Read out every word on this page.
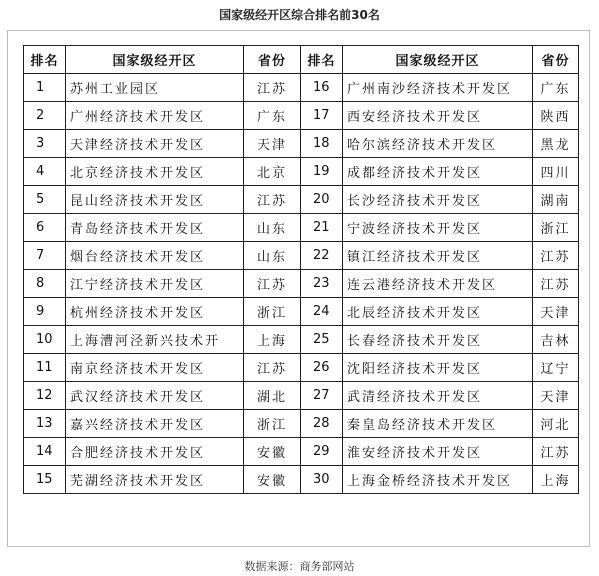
国家级经开区综合排名前30名
排名	国家级经开区	省份	排名	国家级经开区	省份
1	苏州工业园区	江苏	16	广州南沙经济技术开发区	广东
2	广州经济技术开发区	广东	17	西安经济技术开发区	陕西
3	天津经济技术开发区	天津	18	哈尔滨经济技术开发区	黑龙
4	北京经济技术开发区	北京	19	成都经济技术开发区	四川
5	昆山经济技术开发区	江苏	20	长沙经济技术开发区	湖南
6	青岛经济技术开发区	山东	21	宁波经济技术开发区	浙江
7	烟台经济技术开发区	山东	22	镇江经济技术开发区	江苏
8	江宁经济技术开发区	江苏	23	连云港经济技术开发区	江苏
9	杭州经济技术开发区	浙江	24	北辰经济技术开发区	天津
10	上海漕河泾新兴技术开	上海	25	长春经济技术开发区	吉林
11	南京经济技术开发区	江苏	26	沈阳经济技术开发区	辽宁
12	武汉经济技术开发区	湖北	27	武清经济技术开发区	天津
13	嘉兴经济技术开发区	浙江	28	秦皇岛经济技术开发区	河北
14	合肥经济技术开发区	安徽	29	淮安经济技术开发区	江苏
15	芜湖经济技术开发区	安徽	30	上海金桥经济技术开发区	上海
数据来源：商务部网站
